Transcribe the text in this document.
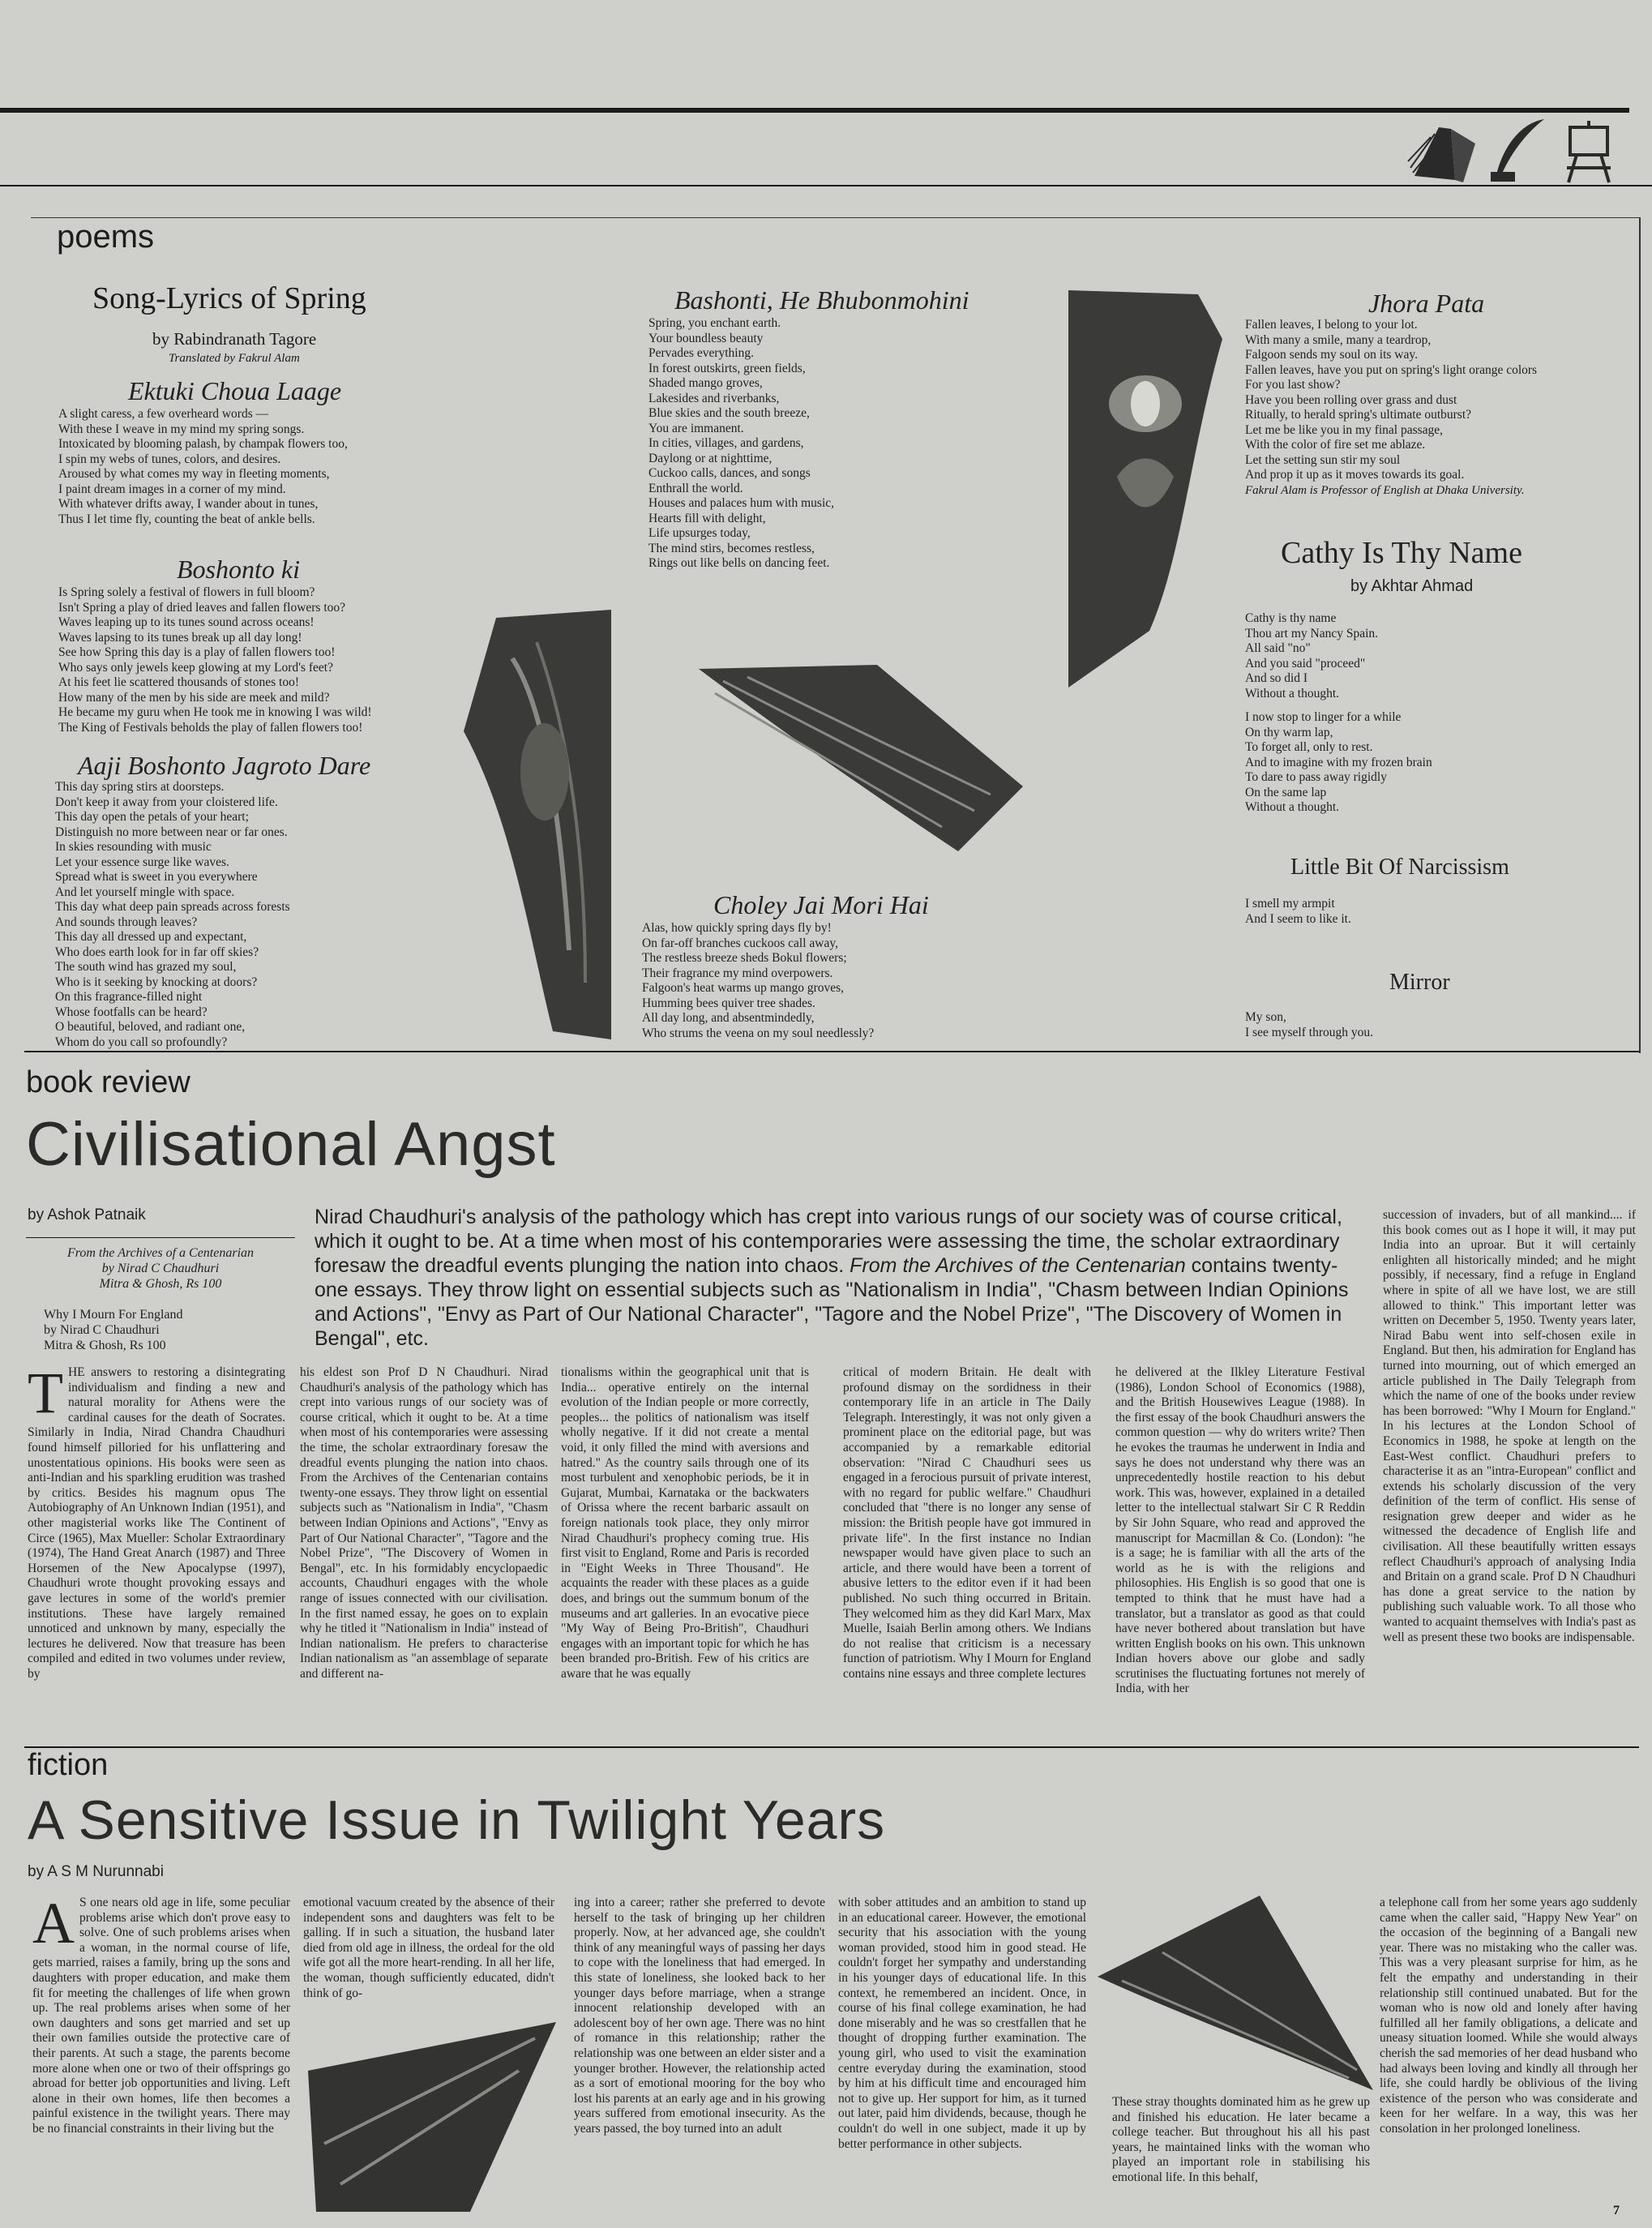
poems
Song-Lyrics of Spring
by Rabindranath Tagore
Translated by Fakrul Alam
Ektuki Choua Laage

A slight caress, a few overheard words —
With these I weave in my mind my spring songs.
Intoxicated by blooming palash, by champak flowers too,
I spin my webs of tunes, colors, and desires.
Aroused by what comes my way in fleeting moments,
I paint dream images in a corner of my mind.
With whatever drifts away, I wander about in tunes,
Thus I let time fly, counting the beat of ankle bells.

Boshonto ki

Is Spring solely a festival of flowers in full bloom?
Isn't Spring a play of dried leaves and fallen flowers too?
Waves leaping up to its tunes sound across oceans!
Waves lapsing to its tunes break up all day long!
See how Spring this day is a play of fallen flowers too!
Who says only jewels keep glowing at my Lord's feet?
At his feet lie scattered thousands of stones too!
How many of the men by his side are meek and mild?
He became my guru when He took me in knowing I was wild!
The King of Festivals beholds the play of fallen flowers too!

Aaji Boshonto Jagroto Dare

This day spring stirs at doorsteps.
Don't keep it away from your cloistered life.
This day open the petals of your heart;
Distinguish no more between near or far ones.
In skies resounding with music
Let your essence surge like waves.
Spread what is sweet in you everywhere
And let yourself mingle with space.
This day what deep pain spreads across forests
And sounds through leaves?
This day all dressed up and expectant,
Who does earth look for in far off skies?
The south wind has grazed my soul,
Who is it seeking by knocking at doors?
On this fragrance-filled night
Whose footfalls can be heard?
O beautiful, beloved, and radiant one,
Whom do you call so profoundly?

Bashonti, He Bhubonmohini

Spring, you enchant earth.
Your boundless beauty
Pervades everything.
In forest outskirts, green fields,
Shaded mango groves,
Lakesides and riverbanks,
Blue skies and the south breeze,
You are immanent.
In cities, villages, and gardens,
Daylong or at nighttime,
Cuckoo calls, dances, and songs
Enthrall the world.
Houses and palaces hum with music,
Hearts fill with delight,
Life upsurges today,
The mind stirs, becomes restless,
Rings out like bells on dancing feet.

Choley Jai Mori Hai

Alas, how quickly spring days fly by!
On far-off branches cuckoos call away,
The restless breeze sheds Bokul flowers;
Their fragrance my mind overpowers.
Falgoon's heat warms up mango groves,
Humming bees quiver tree shades.
All day long, and absentmindedly,
Who strums the veena on my soul needlessly?

Jhora Pata

Fallen leaves, I belong to your lot.
With many a smile, many a teardrop,
Falgoon sends my soul on its way.
Fallen leaves, have you put on spring's light orange colors
For you last show?
Have you been rolling over grass and dust
Ritually, to herald spring's ultimate outburst?
Let me be like you in my final passage,
With the color of fire set me ablaze.
Let the setting sun stir my soul
And prop it up as it moves towards its goal.

Fakrul Alam is Professor of English at Dhaka University.
Cathy Is Thy Name
by Akhtar Ahmad

Cathy is thy name
Thou art my Nancy Spain.
All said "no"
And you said "proceed"
And so did I
Without a thought.

I now stop to linger for a while
On thy warm lap,
To forget all, only to rest.
And to imagine with my frozen brain
To dare to pass away rigidly
On the same lap
Without a thought.

Little Bit Of Narcissism

I smell my armpit
And I seem to like it.

Mirror

My son,
I see myself through you.

book review
Civilisational Angst
by Ashok Patnaik

From the Archives of a Centenarian
by Nirad C Chaudhuri
Mitra & Ghosh, Rs 100

Why I Mourn For England
by Nirad C Chaudhuri
Mitra & Ghosh, Rs 100

Nirad Chaudhuri's analysis of the pathology which has crept into various rungs of our society was of course critical, which it ought to be. At a time when most of his contemporaries were assessing the time, the scholar extraordinary foresaw the dreadful events plunging the nation into chaos. From the Archives of the Centenarian contains twenty-one essays. They throw light on essential subjects such as "Nationalism in India", "Chasm between Indian Opinions and Actions", "Envy as Part of Our National Character", "Tagore and the Nobel Prize", "The Discovery of Women in Bengal", etc.
THE answers to restoring a disintegrating individualism and finding a new and natural morality for Athens were the cardinal causes for the death of Socrates. Similarly in India, Nirad Chandra Chaudhuri found himself pilloried for his unflattering and unostentatious opinions. His books were seen as anti-Indian and his sparkling erudition was trashed by critics. Besides his magnum opus The Autobiography of An Unknown Indian (1951), and other magisterial works like The Continent of Circe (1965), Max Mueller: Scholar Extraordinary (1974), The Hand Great Anarch (1987) and Three Horsemen of the New Apocalypse (1997), Chaudhuri wrote thought provoking essays and gave lectures in some of the world's premier institutions. These have largely remained unnoticed and unknown by many, especially the lectures he delivered. Now that treasure has been compiled and edited in two volumes under review, by

his eldest son Prof D N Chaudhuri. Nirad Chaudhuri's analysis of the pathology which has crept into various rungs of our society was of course critical, which it ought to be. At a time when most of his contemporaries were assessing the time, the scholar extraordinary foresaw the dreadful events plunging the nation into chaos. From the Archives of the Centenarian contains twenty-one essays. They throw light on essential subjects such as "Nationalism in India", "Chasm between Indian Opinions and Actions", "Envy as Part of Our National Character", "Tagore and the Nobel Prize", "The Discovery of Women in Bengal", etc. In his formidably encyclopaedic accounts, Chaudhuri engages with the whole range of issues connected with our civilisation. In the first named essay, he goes on to explain why he titled it "Nationalism in India" instead of Indian nationalism. He prefers to characterise Indian nationalism as "an assemblage of separate and different na-

tionalisms within the geographical unit that is India... operative entirely on the internal evolution of the Indian people or more correctly, peoples... the politics of nationalism was itself wholly negative. If it did not create a mental void, it only filled the mind with aversions and hatred." As the country sails through one of its most turbulent and xenophobic periods, be it in Gujarat, Mumbai, Karnataka or the backwaters of Orissa where the recent barbaric assault on foreign nationals took place, they only mirror Nirad Chaudhuri's prophecy coming true. His first visit to England, Rome and Paris is recorded in "Eight Weeks in Three Thousand". He acquaints the reader with these places as a guide does, and brings out the summum bonum of the museums and art galleries. In an evocative piece "My Way of Being Pro-British", Chaudhuri engages with an important topic for which he has been branded pro-British. Few of his critics are aware that he was equally

critical of modern Britain. He dealt with profound dismay on the sordidness in their contemporary life in an article in The Daily Telegraph. Interestingly, it was not only given a prominent place on the editorial page, but was accompanied by a remarkable editorial observation: "Nirad C Chaudhuri sees us engaged in a ferocious pursuit of private interest, with no regard for public welfare." Chaudhuri concluded that "there is no longer any sense of mission: the British people have got immured in private life". In the first instance no Indian newspaper would have given place to such an article, and there would have been a torrent of abusive letters to the editor even if it had been published. No such thing occurred in Britain. They welcomed him as they did Karl Marx, Max Muelle, Isaiah Berlin among others. We Indians do not realise that criticism is a necessary function of patriotism. Why I Mourn for England contains nine essays and three complete lectures

he delivered at the Ilkley Literature Festival (1986), London School of Economics (1988), and the British Housewives League (1988). In the first essay of the book Chaudhuri answers the common question — why do writers write? Then he evokes the traumas he underwent in India and says he does not understand why there was an unprecedentedly hostile reaction to his debut work. This was, however, explained in a detailed letter to the intellectual stalwart Sir C R Reddin by Sir John Square, who read and approved the manuscript for Macmillan & Co. (London): "he is a sage; he is familiar with all the arts of the world as he is with the religions and philosophies. His English is so good that one is tempted to think that he must have had a translator, but a translator as good as that could have never bothered about translation but have written English books on his own. This unknown Indian hovers above our globe and sadly scrutinises the fluctuating fortunes not merely of India, with her

succession of invaders, but of all mankind.... if this book comes out as I hope it will, it may put India into an uproar. But it will certainly enlighten all historically minded; and he might possibly, if necessary, find a refuge in England where in spite of all we have lost, we are still allowed to think." This important letter was written on December 5, 1950. Twenty years later, Nirad Babu went into self-chosen exile in England. But then, his admiration for England has turned into mourning, out of which emerged an article published in The Daily Telegraph from which the name of one of the books under review has been borrowed: "Why I Mourn for England." In his lectures at the London School of Economics in 1988, he spoke at length on the East-West conflict. Chaudhuri prefers to characterise it as an "intra-European" conflict and extends his scholarly discussion of the very definition of the term of conflict. His sense of resignation grew deeper and wider as he witnessed the decadence of English life and civilisation. All these beautifully written essays reflect Chaudhuri's approach of analysing India and Britain on a grand scale. Prof D N Chaudhuri has done a great service to the nation by publishing such valuable work. To all those who wanted to acquaint themselves with India's past as well as present these two books are indispensable.

fiction
A Sensitive Issue in Twilight Years
by A S M Nurunnabi
A S one nears old age in life, some peculiar problems arise which don't prove easy to solve. One of such problems arises when a woman, in the normal course of life, gets married, raises a family, bring up the sons and daughters with proper education, and make them fit for meeting the challenges of life when grown up. The real problems arises when some of her own daughters and sons get married and set up their own families outside the protective care of their parents. At such a stage, the parents become more alone when one or two of their offsprings go abroad for better job opportunities and living. Left alone in their own homes, life then becomes a painful existence in the twilight years. There may be no financial constraints in their living but the

emotional vacuum created by the absence of their independent sons and daughters was felt to be galling. If in such a situation, the husband later died from old age in illness, the ordeal for the old wife got all the more heart-rending. In all her life, the woman, though sufficiently educated, didn't think of go-

ing into a career; rather she preferred to devote herself to the task of bringing up her children properly. Now, at her advanced age, she couldn't think of any meaningful ways of passing her days to cope with the loneliness that had emerged. In this state of loneliness, she looked back to her younger days before marriage, when a strange innocent relationship developed with an adolescent boy of her own age. There was no hint of romance in this relationship; rather the relationship was one between an elder sister and a younger brother. However, the relationship acted as a sort of emotional mooring for the boy who lost his parents at an early age and in his growing years suffered from emotional insecurity. As the years passed, the boy turned into an adult

with sober attitudes and an ambition to stand up in an educational career. However, the emotional security that his association with the young woman provided, stood him in good stead. He couldn't forget her sympathy and understanding in his younger days of educational life. In this context, he remembered an incident. Once, in course of his final college examination, he had done miserably and he was so crestfallen that he thought of dropping further examination. The young girl, who used to visit the examination centre everyday during the examination, stood by him at his difficult time and encouraged him not to give up. Her support for him, as it turned out later, paid him dividends, because, though he couldn't do well in one subject, made it up by better performance in other subjects.

These stray thoughts dominated him as he grew up and finished his education. He later became a college teacher. But throughout his all his past years, he maintained links with the woman who played an important role in stabilising his emotional life. In this behalf,

a telephone call from her some years ago suddenly came when the caller said, "Happy New Year" on the occasion of the beginning of a Bangali new year. There was no mistaking who the caller was. This was a very pleasant surprise for him, as he felt the empathy and understanding in their relationship still continued unabated. But for the woman who is now old and lonely after having fulfilled all her family obligations, a delicate and uneasy situation loomed. While she would always cherish the sad memories of her dead husband who had always been loving and kindly all through her life, she could hardly be oblivious of the living existence of the person who was considerate and keen for her welfare. In a way, this was her consolation in her prolonged loneliness.

7
